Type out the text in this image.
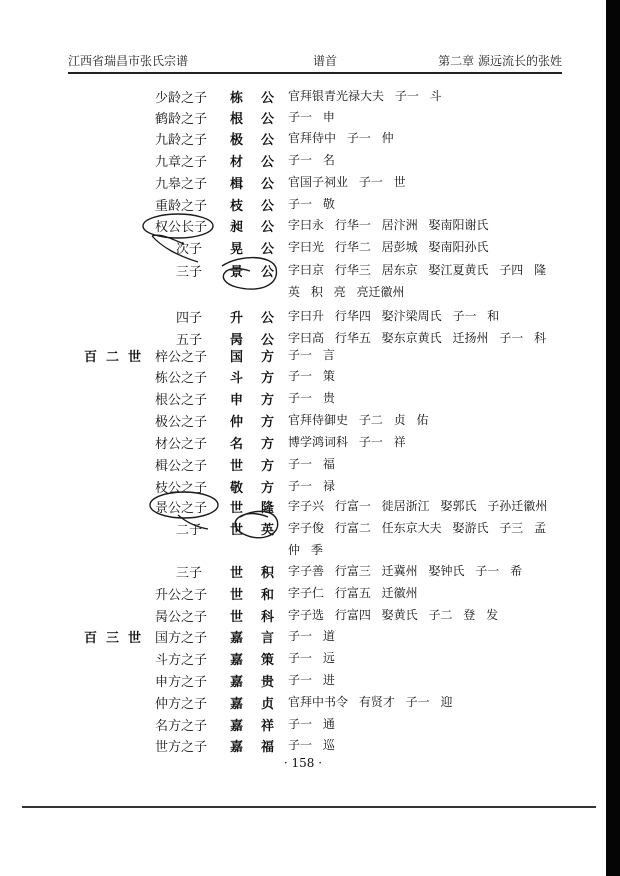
江西省瑞昌市张氏宗谱	谱首	第二章 源远流长的张姓
少龄之子 栋公
官拜银青光禄大夫 子一 斗
鹤龄之子 根公
子一 申
九龄之子 极公
官拜侍中 子一 仲
九章之子 材公
子一 名
九皋之子 楫公
官国子祠业 子一 世
重龄之子 枝公
子一 敬
权公长子 昶公
字曰永 行华一 居汴洲 娶南阳谢氏
次子 晃公
字曰光 行华二 居彭城 娶南阳孙氏
三子 景公
字曰京 行华三 居东京 娶江夏黄氏 子四 隆
英 积 亮 亮迁徽州
四子 升公
字曰升 行华四 娶汴梁周氏 子一 和
五子 昺公
字曰高 行华五 娶东京黄氏 迁扬州 子一 科
百二世 梓公之子 国方
子一 言
栋公之子 斗方
子一 策
根公之子 申方
子一 贵
极公之子 仲方
官拜侍御史 子二 贞 佑
材公之子 名方
博学鸿词科 子一 祥
楫公之子 世方
子一 福
枝公之子 敬方
子一 禄
景公之子 世隆
字子兴 行富一 徙居浙江 娶郭氏 子孙迁徽州
二子 世英
字子俊 行富二 任东京大夫 娶游氏 子三 孟
仲 季
三子 世积
字子善 行富三 迁冀州 娶钟氏 子一 希
升公之子 世和
字子仁 行富五 迁徽州
昺公之子 世科
字子选 行富四 娶黄氏 子二 登 发
百三世 国方之子 嘉言
子一 道
斗方之子 嘉策
子一 远
申方之子 嘉贵
子一 进
仲方之子 嘉贞
官拜中书令 有贤才 子一 迎
名方之子 嘉祥
子一 通
世方之子 嘉福
子一 巡
· 158 ·
